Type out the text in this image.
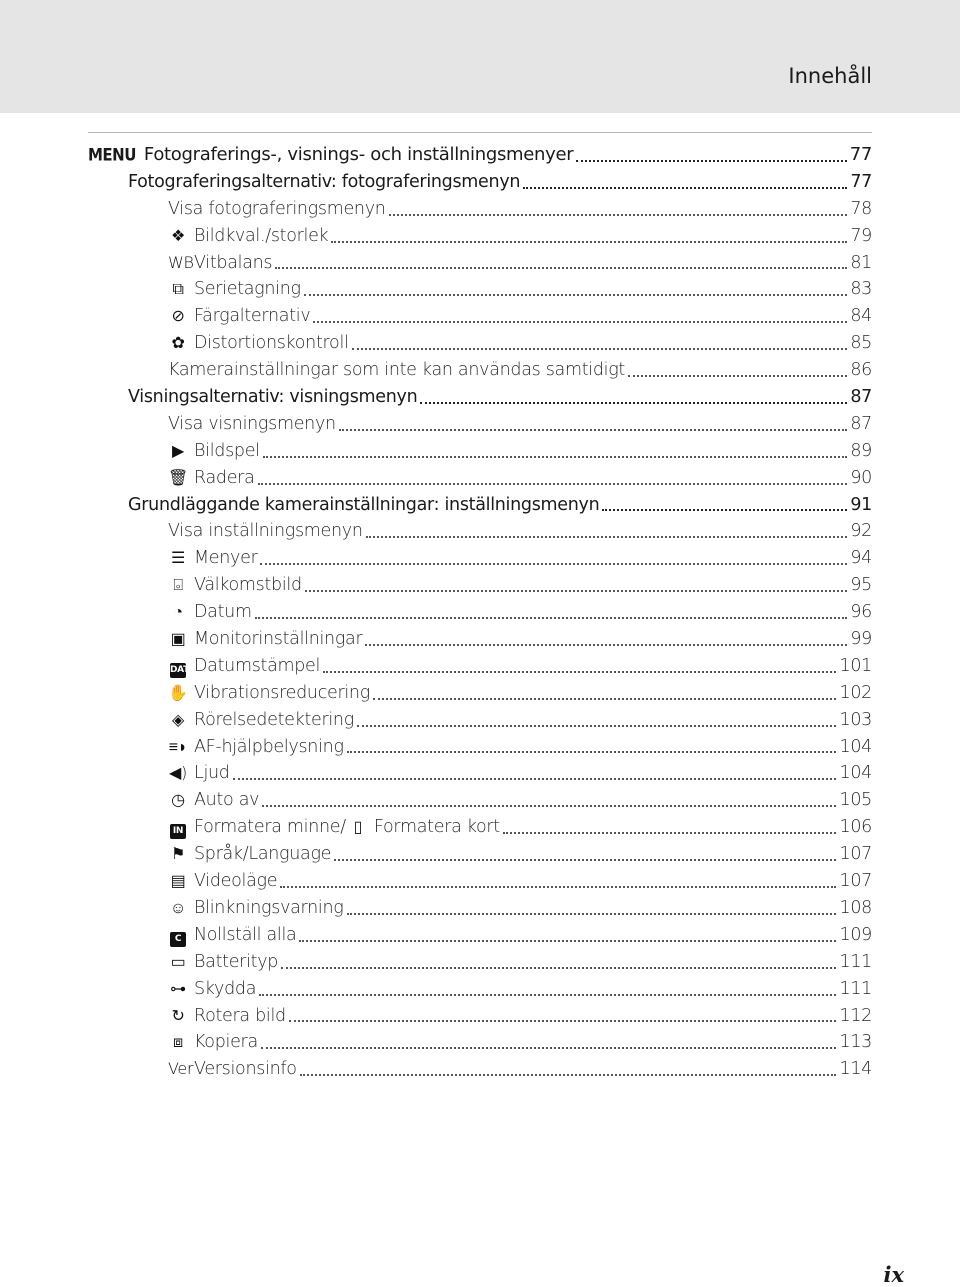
Innehåll
MENU Fotograferings-, visnings- och inställningsmenyer	77
Fotograferingsalternativ: fotograferingsmenyn	77
Visa fotograferingsmenyn	78
❖ Bildkval./storlek	79
WBVitbalans	81
⧉ Serietagning	83
⊘ Färgalternativ	84
✿ Distortionskontroll	85
Kamerainställningar som inte kan användas samtidigt	86
Visningsalternativ: visningsmenyn	87
Visa visningsmenyn	87
▶ Bildspel	89
🗑 Radera	90
Grundläggande kamerainställningar: inställningsmenyn	91
Visa inställningsmenyn	92
☰ Menyer	94
⌻ Välkomstbild	95
◔ Datum	96
▣ Monitorinställningar	99
DATEDatumstämpel	101
✋ Vibrationsreducering	102
◈ Rörelsedetektering	103
≡◗ AF-hjälpbelysning	104
◀) Ljud	104
◷ Auto av	105
IN Formatera minne/ ▯ Formatera kort	106
⚑ Språk/Language	107
▤ Videoläge	107
☺ Blinkningsvarning	108
C Nollställ alla	109
▭ Batterityp	111
⊶ Skydda	111
↻ Rotera bild	112
⧈ Kopiera	113
VerVersionsinfo	114
ix
